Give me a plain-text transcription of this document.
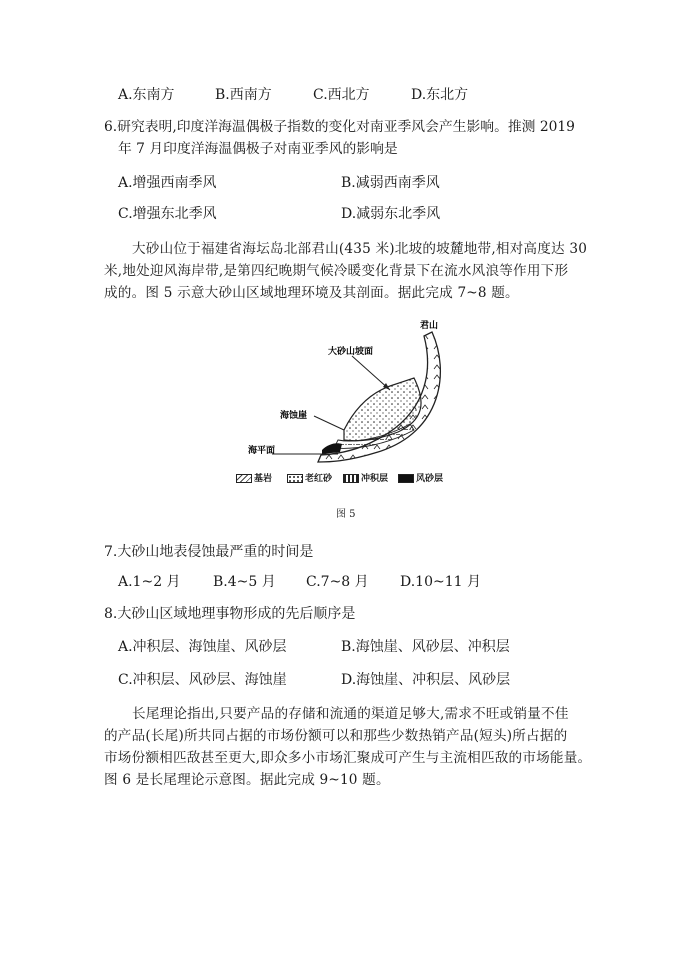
A.东南方	B.西南方	C.西北方	D.东北方
6.研究表明,印度洋海温偶极子指数的变化对南亚季风会产生影响。推测 2019
年 7 月印度洋海温偶极子对南亚季风的影响是
A.增强西南季风	B.减弱西南季风
C.增强东北季风	D.减弱东北季风
大砂山位于福建省海坛岛北部君山(435 米)北坡的坡麓地带,相对高度达 30
米,地处迎风海岸带,是第四纪晚期气候冷暖变化背景下在流水风浪等作用下形
成的。图 5 示意大砂山区域地理环境及其剖面。据此完成 7~8 题。
君山
大砂山坡面
海蚀崖
海平面
基岩	老红砂	冲积层	风砂层
图 5
7.大砂山地表侵蚀最严重的时间是
A.1~2 月 B.4~5 月 C.7~8 月 D.10~11 月
8.大砂山区域地理事物形成的先后顺序是
A.冲积层、海蚀崖、风砂层	B.海蚀崖、风砂层、冲积层
C.冲积层、风砂层、海蚀崖	D.海蚀崖、冲积层、风砂层
长尾理论指出,只要产品的存储和流通的渠道足够大,需求不旺或销量不佳
的产品(长尾)所共同占据的市场份额可以和那些少数热销产品(短头)所占据的
市场份额相匹敌甚至更大,即众多小市场汇聚成可产生与主流相匹敌的市场能量。
图 6 是长尾理论示意图。据此完成 9~10 题。
